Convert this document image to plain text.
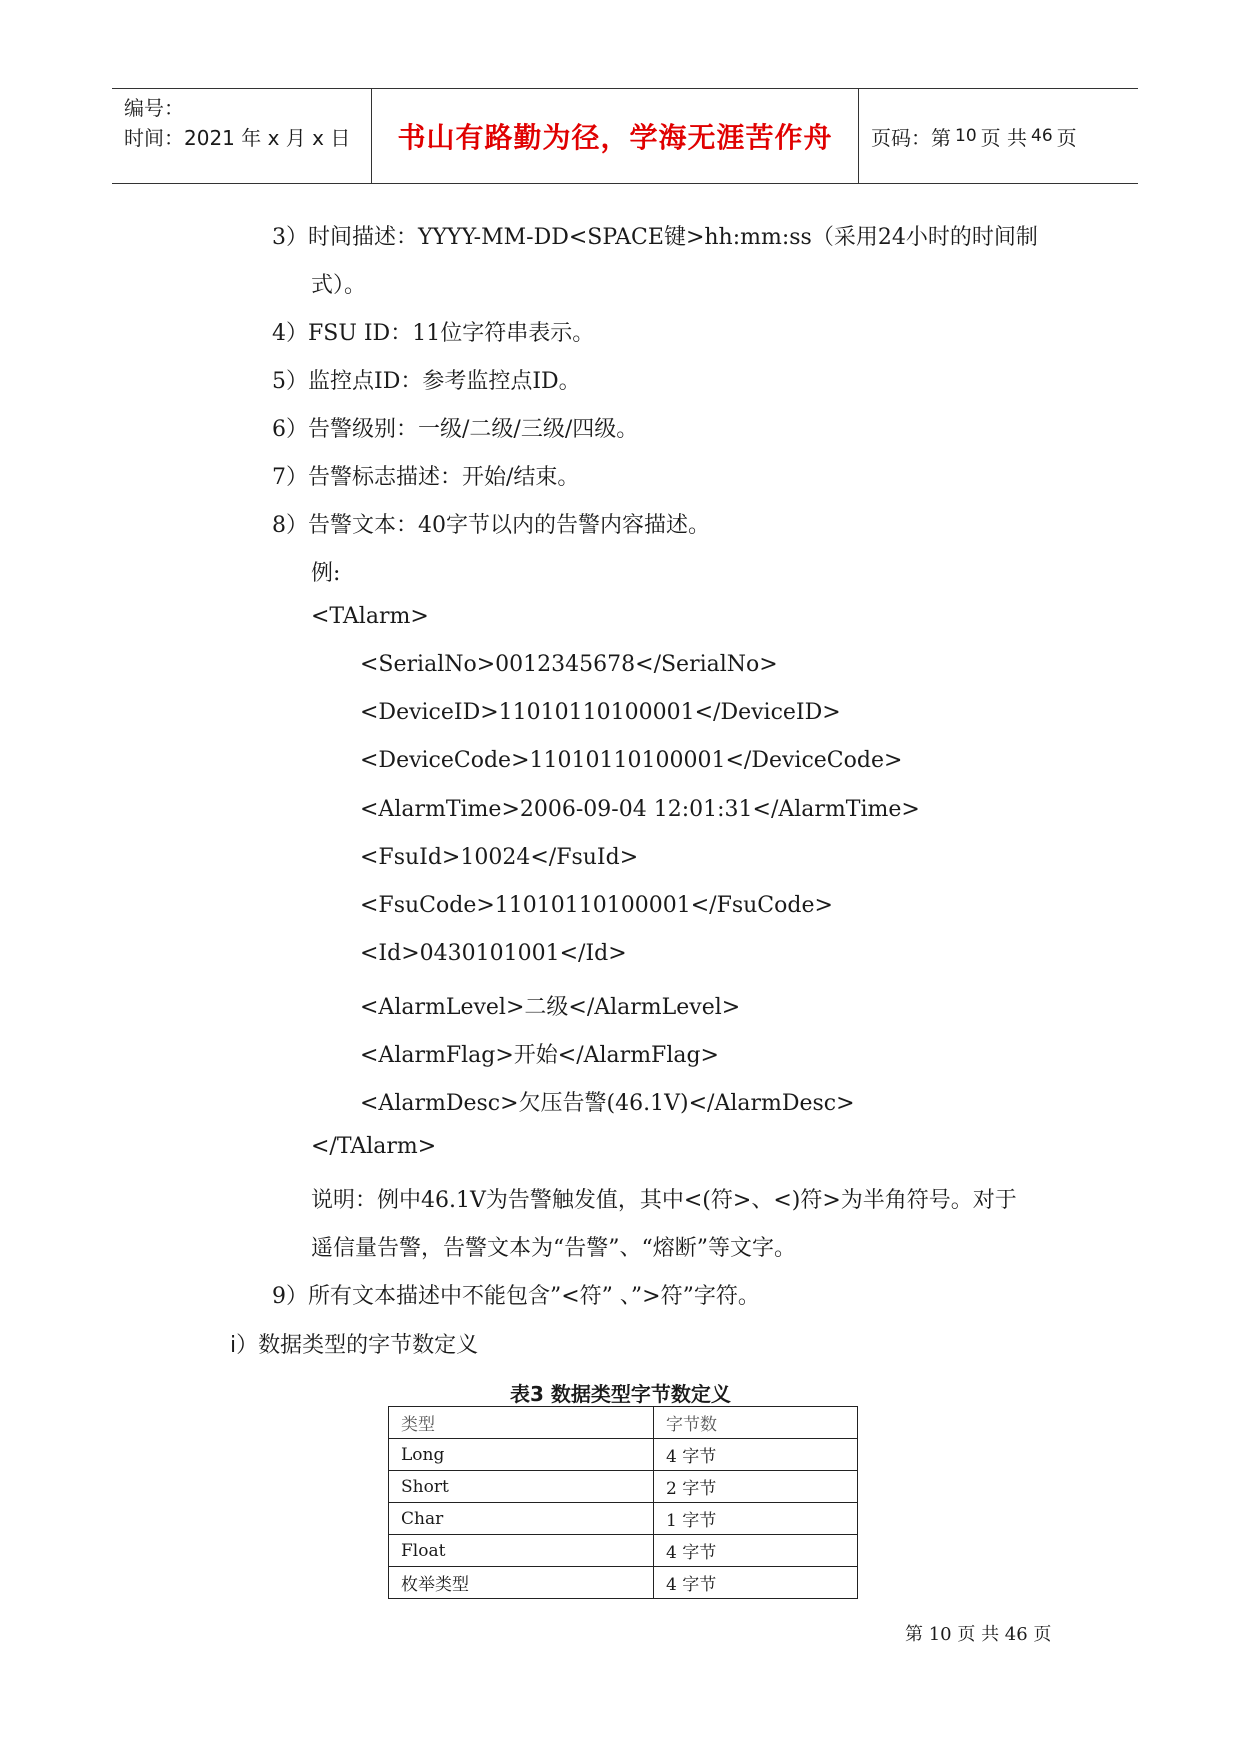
编号：
时间：2021 年 x 月 x 日	书山有路勤为径，学海无涯苦作舟	页码：第 10 页 共 46 页
3）时间描述：YYYY-MM-DD<SPACE键>hh:mm:ss（采用24小时的时间制
式）。
4）FSU ID：11位字符串表示。
5）监控点ID：参考监控点ID。
6）告警级别：一级/二级/三级/四级。
7）告警标志描述：开始/结束。
8）告警文本：40字节以内的告警内容描述。
例:
<TAlarm>
<SerialNo>0012345678</SerialNo>
<DeviceID>11010110100001</DeviceID>
<DeviceCode>11010110100001</DeviceCode>
<AlarmTime>2006-09-04 12:01:31</AlarmTime>
<FsuId>10024</FsuId>
<FsuCode>11010110100001</FsuCode>
<Id>0430101001</Id>
<AlarmLevel>二级</AlarmLevel>
<AlarmFlag>开始</AlarmFlag>
<AlarmDesc>欠压告警(46.1V)</AlarmDesc>
</TAlarm>
说明：例中46.1V为告警触发值，其中<(符>、<)符>为半角符号。对于
遥信量告警，告警文本为“告警”、“熔断”等文字。
9）所有文本描述中不能包含”<符” 、”>符”字符。
i）数据类型的字节数定义
表3 数据类型字节数定义
类型	字节数
Long	4 字节
Short	2 字节
Char	1 字节
Float	4 字节
枚举类型	4 字节
第 10 页 共 46 页
